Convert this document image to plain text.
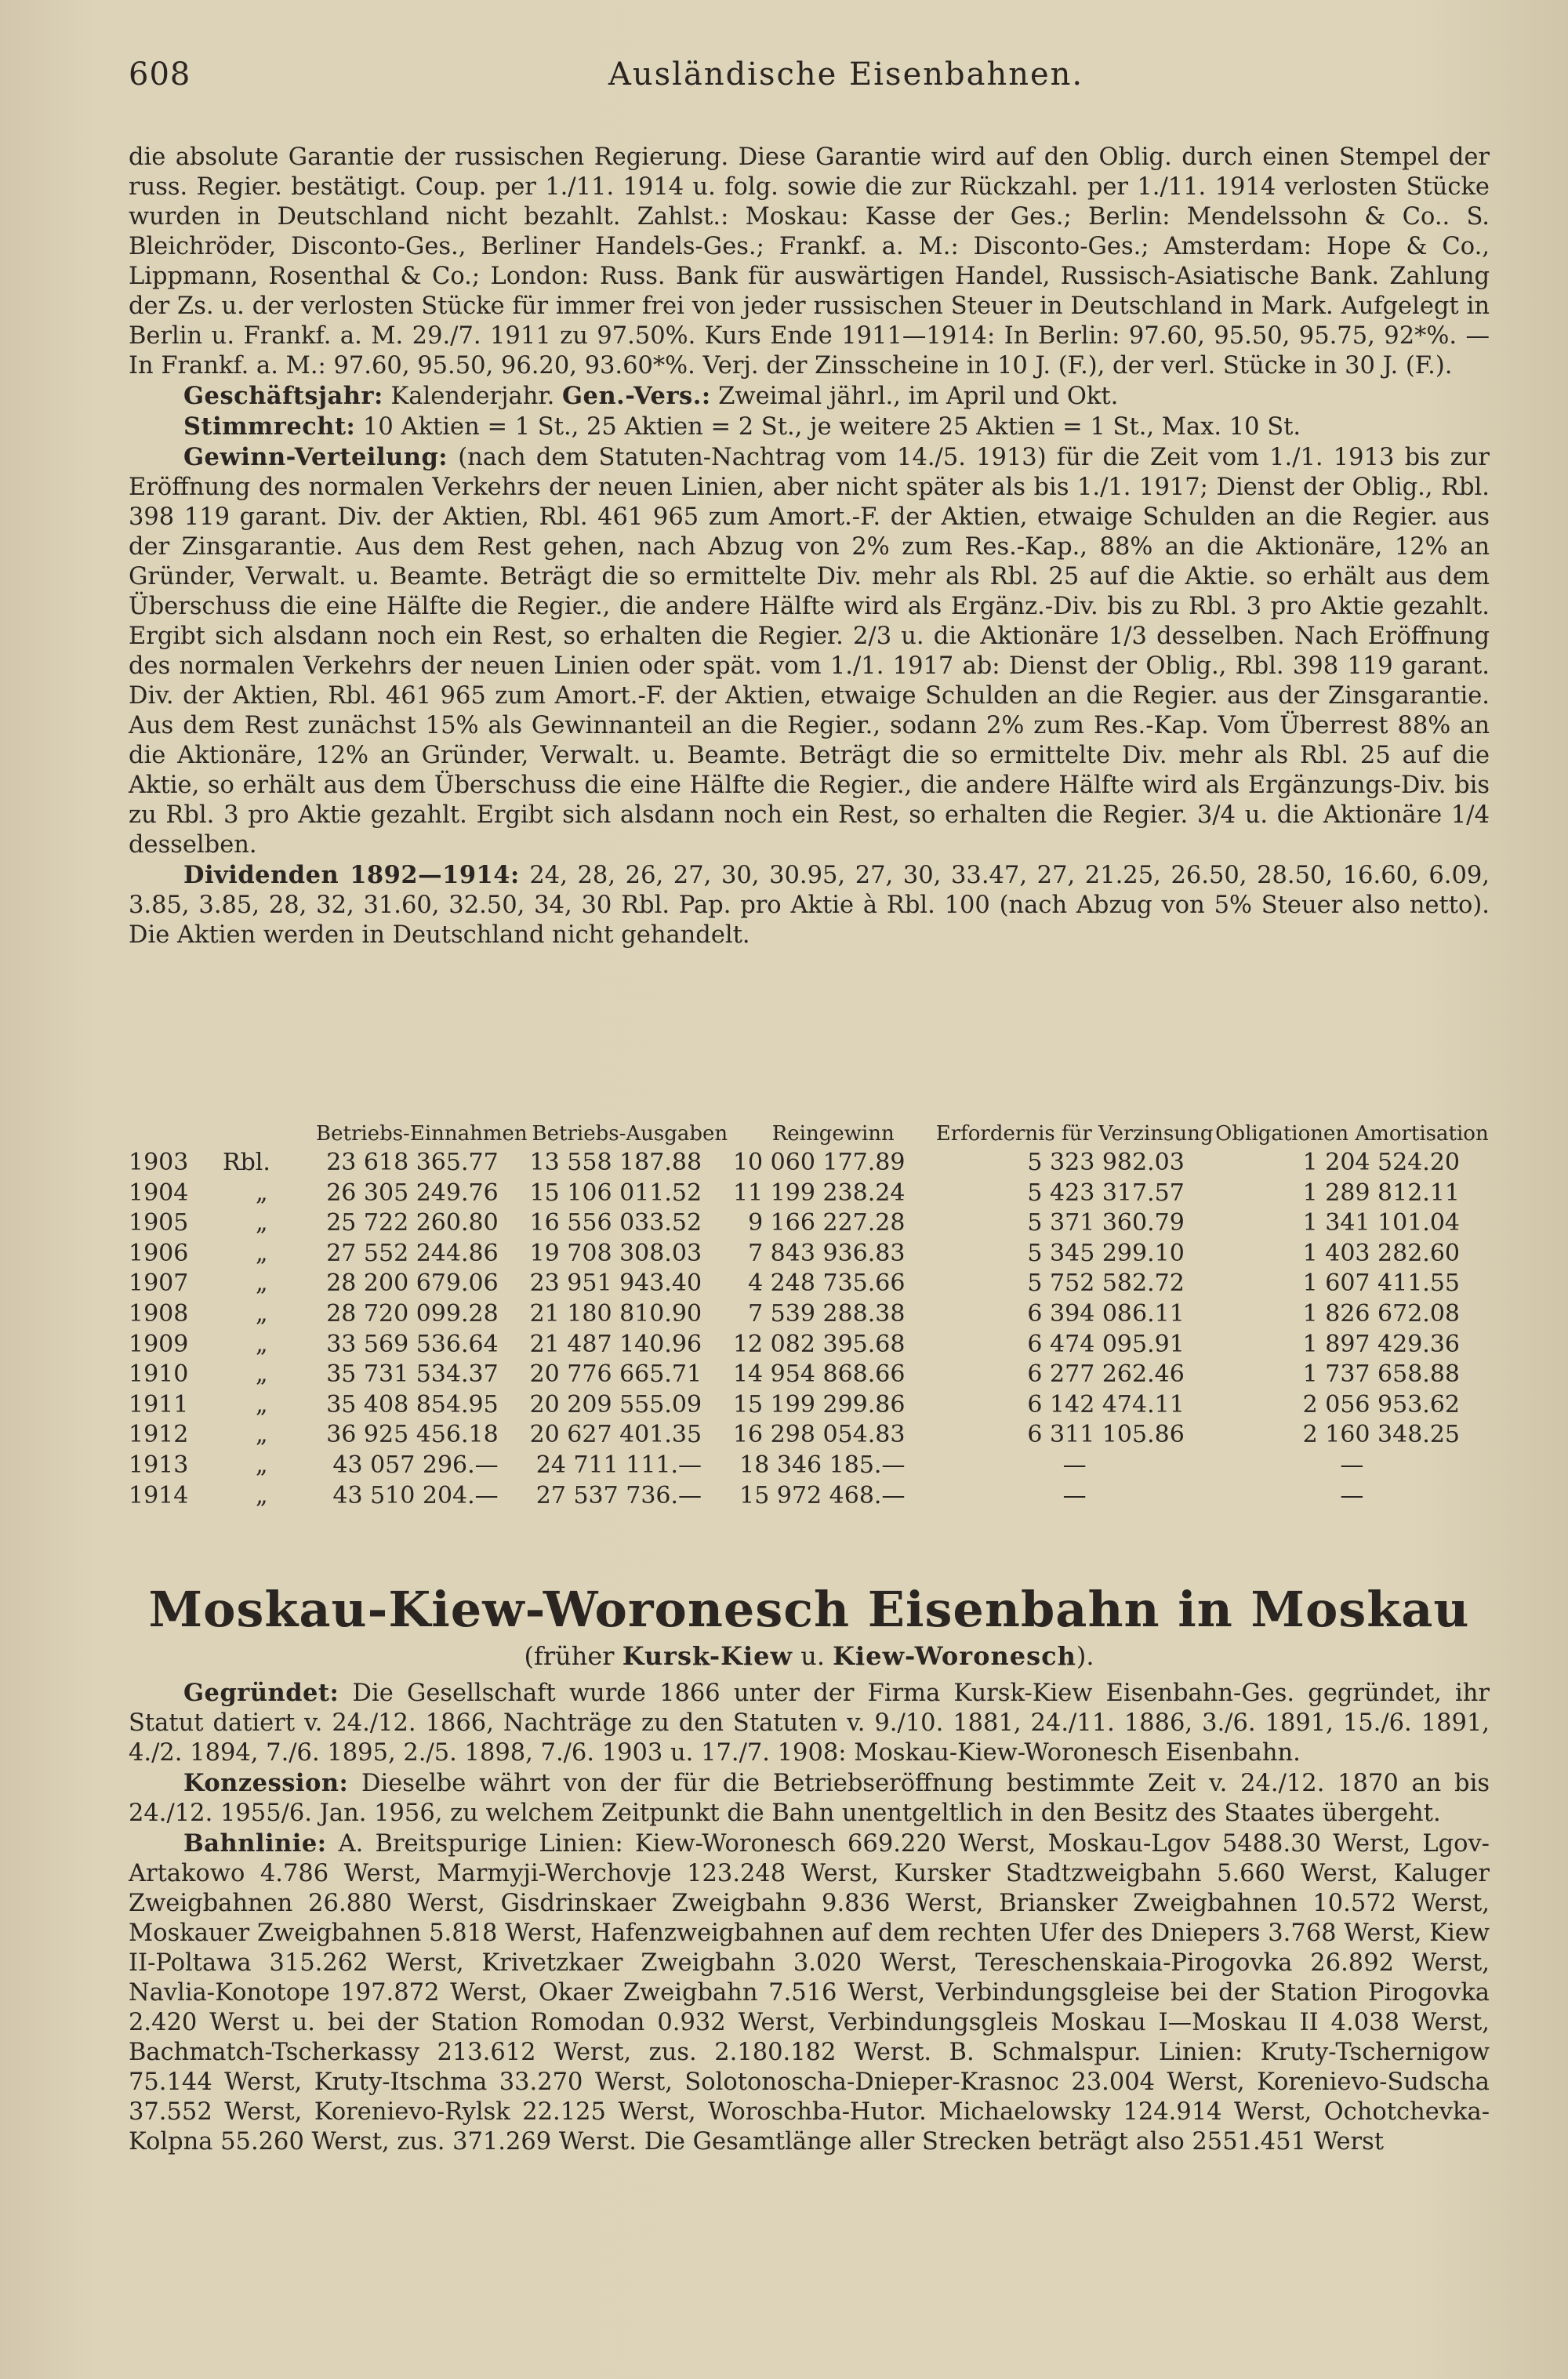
608	Ausländische Eisenbahnen.

die absolute Garantie der russischen Regierung. Diese Garantie wird auf den Oblig. durch einen Stempel der russ. Regier. bestätigt. Coup. per 1./11. 1914 u. folg. sowie die zur Rückzahl. per 1./11. 1914 verlosten Stücke wurden in Deutschland nicht bezahlt. Zahlst.: Moskau: Kasse der Ges.; Berlin: Mendelssohn & Co.. S. Bleichröder, Disconto-Ges., Berliner Handels-Ges.; Frankf. a. M.: Disconto-Ges.; Amsterdam: Hope & Co., Lippmann, Rosenthal & Co.; London: Russ. Bank für auswärtigen Handel, Russisch-Asiatische Bank. Zahlung der Zs. u. der verlosten Stücke für immer frei von jeder russischen Steuer in Deutschland in Mark. Aufgelegt in Berlin u. Frankf. a. M. 29./7. 1911 zu 97.50%. Kurs Ende 1911—1914: In Berlin: 97.60, 95.50, 95.75, 92*%. — In Frankf. a. M.: 97.60, 95.50, 96.20, 93.60*%. Verj. der Zinsscheine in 10 J. (F.), der verl. Stücke in 30 J. (F.).

Geschäftsjahr: Kalenderjahr. Gen.-Vers.: Zweimal jährl., im April und Okt.

Stimmrecht: 10 Aktien = 1 St., 25 Aktien = 2 St., je weitere 25 Aktien = 1 St., Max. 10 St.

Gewinn-Verteilung: (nach dem Statuten-Nachtrag vom 14./5. 1913) für die Zeit vom 1./1. 1913 bis zur Eröffnung des normalen Verkehrs der neuen Linien, aber nicht später als bis 1./1. 1917; Dienst der Oblig., Rbl. 398 119 garant. Div. der Aktien, Rbl. 461 965 zum Amort.-F. der Aktien, etwaige Schulden an die Regier. aus der Zinsgarantie. Aus dem Rest gehen, nach Abzug von 2% zum Res.-Kap., 88% an die Aktionäre, 12% an Gründer, Verwalt. u. Beamte. Beträgt die so ermittelte Div. mehr als Rbl. 25 auf die Aktie. so erhält aus dem Überschuss die eine Hälfte die Regier., die andere Hälfte wird als Ergänz.-Div. bis zu Rbl. 3 pro Aktie gezahlt. Ergibt sich alsdann noch ein Rest, so erhalten die Regier. 2/3 u. die Aktionäre 1/3 desselben. Nach Eröffnung des normalen Verkehrs der neuen Linien oder spät. vom 1./1. 1917 ab: Dienst der Oblig., Rbl. 398 119 garant. Div. der Aktien, Rbl. 461 965 zum Amort.-F. der Aktien, etwaige Schulden an die Regier. aus der Zinsgarantie. Aus dem Rest zunächst 15% als Gewinnanteil an die Regier., sodann 2% zum Res.-Kap. Vom Überrest 88% an die Aktionäre, 12% an Gründer, Verwalt. u. Beamte. Beträgt die so ermittelte Div. mehr als Rbl. 25 auf die Aktie, so erhält aus dem Überschuss die eine Hälfte die Regier., die andere Hälfte wird als Ergänzungs-Div. bis zu Rbl. 3 pro Aktie gezahlt. Ergibt sich alsdann noch ein Rest, so erhalten die Regier. 3/4 u. die Aktionäre 1/4 desselben.

Dividenden 1892—1914: 24, 28, 26, 27, 30, 30.95, 27, 30, 33.47, 27, 21.25, 26.50, 28.50, 16.60, 6.09, 3.85, 3.85, 28, 32, 31.60, 32.50, 34, 30 Rbl. Pap. pro Aktie à Rbl. 100 (nach Abzug von 5% Steuer also netto). Die Aktien werden in Deutschland nicht gehandelt.

		Betriebs-Einnahmen	Betriebs-Ausgaben	Reingewinn	Erfordernis für Verzinsung	Obligationen Amortisation
1903	Rbl.	23 618 365.77	13 558 187.88	10 060 177.89	5 323 982.03	1 204 524.20
1904	„	26 305 249.76	15 106 011.52	11 199 238.24	5 423 317.57	1 289 812.11
1905	„	25 722 260.80	16 556 033.52	9 166 227.28	5 371 360.79	1 341 101.04
1906	„	27 552 244.86	19 708 308.03	7 843 936.83	5 345 299.10	1 403 282.60
1907	„	28 200 679.06	23 951 943.40	4 248 735.66	5 752 582.72	1 607 411.55
1908	„	28 720 099.28	21 180 810.90	7 539 288.38	6 394 086.11	1 826 672.08
1909	„	33 569 536.64	21 487 140.96	12 082 395.68	6 474 095.91	1 897 429.36
1910	„	35 731 534.37	20 776 665.71	14 954 868.66	6 277 262.46	1 737 658.88
1911	„	35 408 854.95	20 209 555.09	15 199 299.86	6 142 474.11	2 056 953.62
1912	„	36 925 456.18	20 627 401.35	16 298 054.83	6 311 105.86	2 160 348.25
1913	„	43 057 296.—	24 711 111.—	18 346 185.—	—	—
1914	„	43 510 204.—	27 537 736.—	15 972 468.—	—	—
Moskau-Kiew-Woronesch Eisenbahn in Moskau
(früher Kursk-Kiew u. Kiew-Woronesch).

Gegründet: Die Gesellschaft wurde 1866 unter der Firma Kursk-Kiew Eisenbahn-Ges. gegründet, ihr Statut datiert v. 24./12. 1866, Nachträge zu den Statuten v. 9./10. 1881, 24./11. 1886, 3./6. 1891, 15./6. 1891, 4./2. 1894, 7./6. 1895, 2./5. 1898, 7./6. 1903 u. 17./7. 1908: Moskau-Kiew-Woronesch Eisenbahn.

Konzession: Dieselbe währt von der für die Betriebseröffnung bestimmte Zeit v. 24./12. 1870 an bis 24./12. 1955/6. Jan. 1956, zu welchem Zeitpunkt die Bahn unentgeltlich in den Besitz des Staates übergeht.

Bahnlinie: A. Breitspurige Linien: Kiew-Woronesch 669.220 Werst, Moskau-Lgov 5488.30 Werst, Lgov-Artakowo 4.786 Werst, Marmyji-Werchovje 123.248 Werst, Kursker Stadtzweigbahn 5.660 Werst, Kaluger Zweigbahnen 26.880 Werst, Gisdrinskaer Zweigbahn 9.836 Werst, Briansker Zweigbahnen 10.572 Werst, Moskauer Zweigbahnen 5.818 Werst, Hafenzweigbahnen auf dem rechten Ufer des Dniepers 3.768 Werst, Kiew II-Poltawa 315.262 Werst, Krivetzkaer Zweigbahn 3.020 Werst, Tereschenskaia-Pirogovka 26.892 Werst, Navlia-Konotope 197.872 Werst, Okaer Zweigbahn 7.516 Werst, Verbindungsgleise bei der Station Pirogovka 2.420 Werst u. bei der Station Romodan 0.932 Werst, Verbindungsgleis Moskau I—Moskau II 4.038 Werst, Bachmatch-Tscherkassy 213.612 Werst, zus. 2.180.182 Werst. B. Schmalspur. Linien: Kruty-Tschernigow 75.144 Werst, Kruty-Itschma 33.270 Werst, Solotonoscha-Dnieper-Krasnoc 23.004 Werst, Korenievo-Sudscha 37.552 Werst, Korenievo-Rylsk 22.125 Werst, Woroschba-Hutor. Michaelowsky 124.914 Werst, Ochotchevka-Kolpna 55.260 Werst, zus. 371.269 Werst. Die Gesamtlänge aller Strecken beträgt also 2551.451 Werst
